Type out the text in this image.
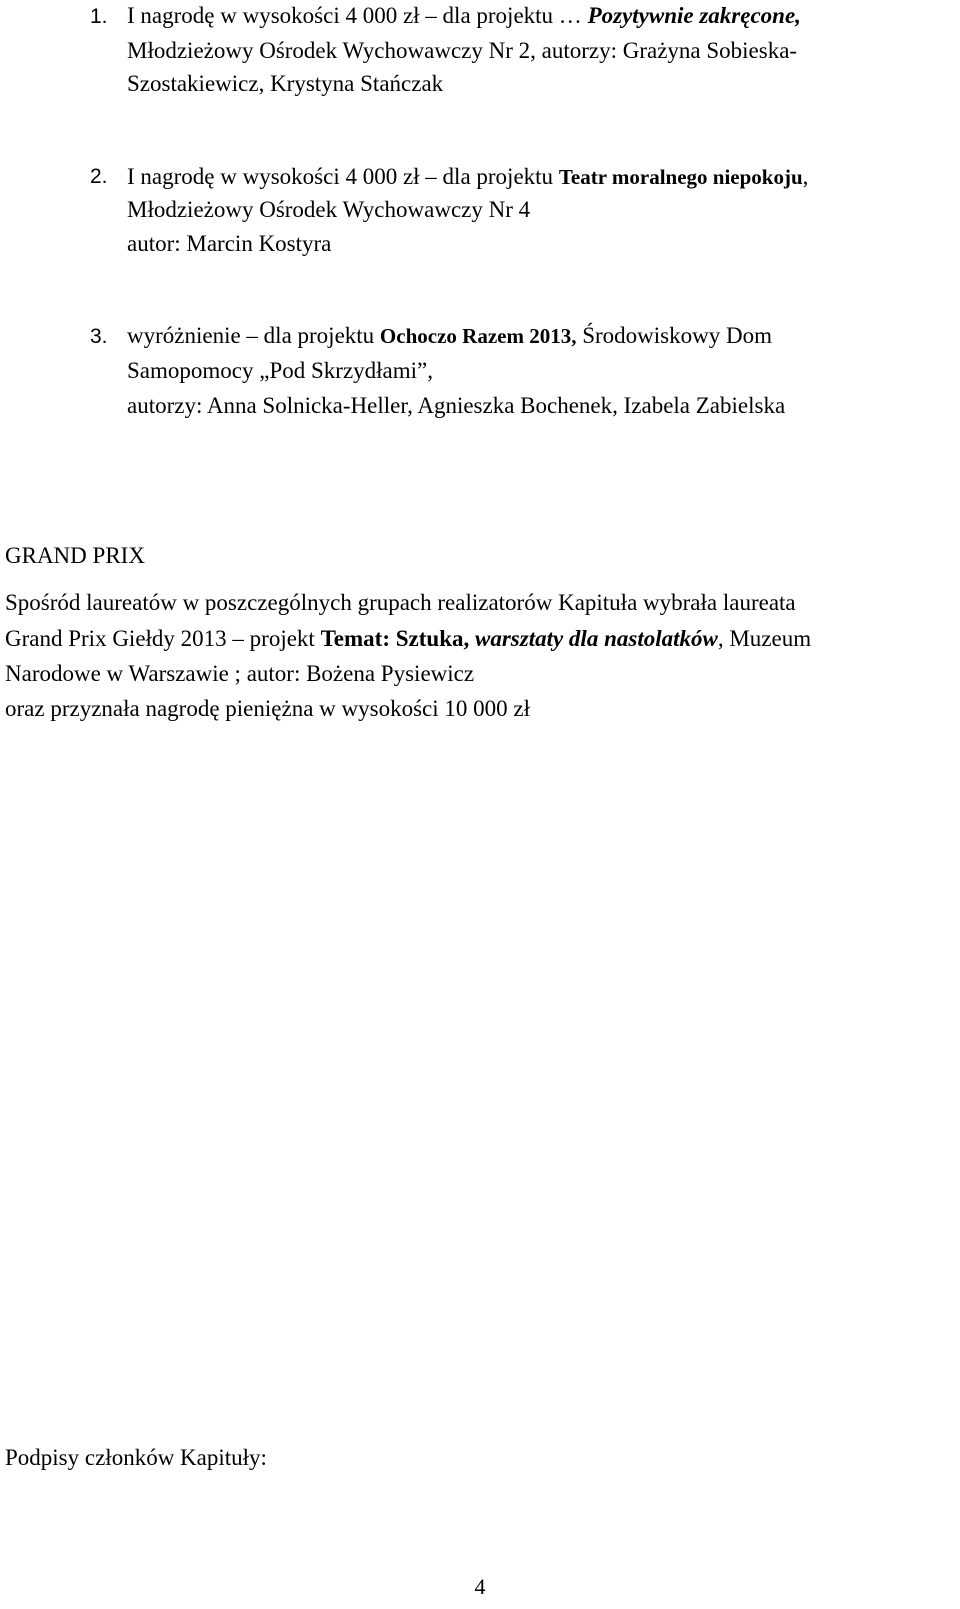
1. I nagrodę w wysokości 4 000 zł – dla projektu … Pozytywnie zakręcone,
Młodzieżowy Ośrodek Wychowawczy Nr 2, autorzy: Grażyna Sobieska-
Szostakiewicz, Krystyna Stańczak
2. I nagrodę w wysokości 4 000 zł – dla projektu Teatr moralnego niepokoju,
Młodzieżowy Ośrodek Wychowawczy Nr 4
autor: Marcin Kostyra
3. wyróżnienie – dla projektu Ochoczo Razem 2013, Środowiskowy Dom
Samopomocy „Pod Skrzydłami”,
autorzy: Anna Solnicka-Heller, Agnieszka Bochenek, Izabela Zabielska
GRAND PRIX
Spośród laureatów w poszczególnych grupach realizatorów Kapituła wybrała laureata
Grand Prix Giełdy 2013 – projekt Temat: Sztuka, warsztaty dla nastolatków, Muzeum
Narodowe w Warszawie ; autor: Bożena Pysiewicz
oraz przyznała nagrodę pieniężna w wysokości 10 000 zł
Podpisy członków Kapituły:
4
